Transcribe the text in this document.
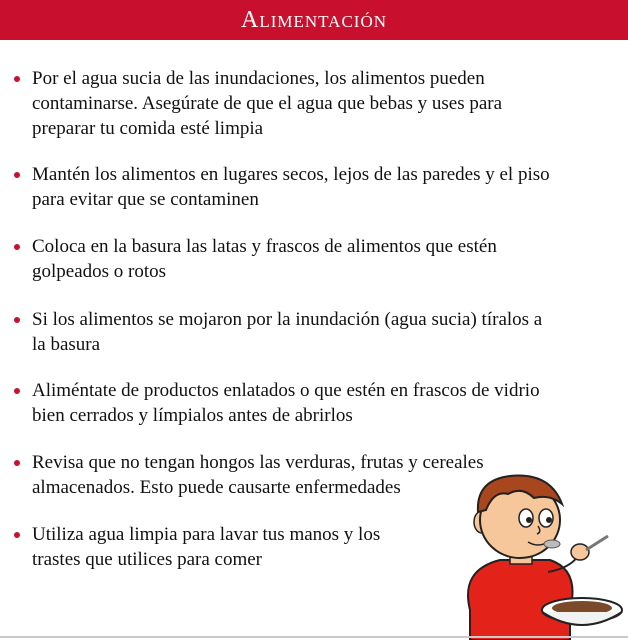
Alimentación
Por el agua sucia de las inundaciones, los alimentos pueden contaminarse. Asegúrate de que el agua que bebas y uses para preparar tu comida esté limpia
Mantén los alimentos en lugares secos, lejos de las paredes y el piso para evitar que se contaminen
Coloca en la basura las latas y frascos de alimentos que estén golpeados o rotos
Si los alimentos se mojaron por la inundación (agua sucia) tíralos a la basura
Aliméntate de productos enlatados o que estén en frascos de vidrio bien cerrados y límpialos antes de abrirlos
Revisa que no tengan hongos las verduras, frutas y cereales almacenados. Esto puede causarte enfermedades
Utiliza agua limpia para lavar tus manos y los trastes que utilices para comer
